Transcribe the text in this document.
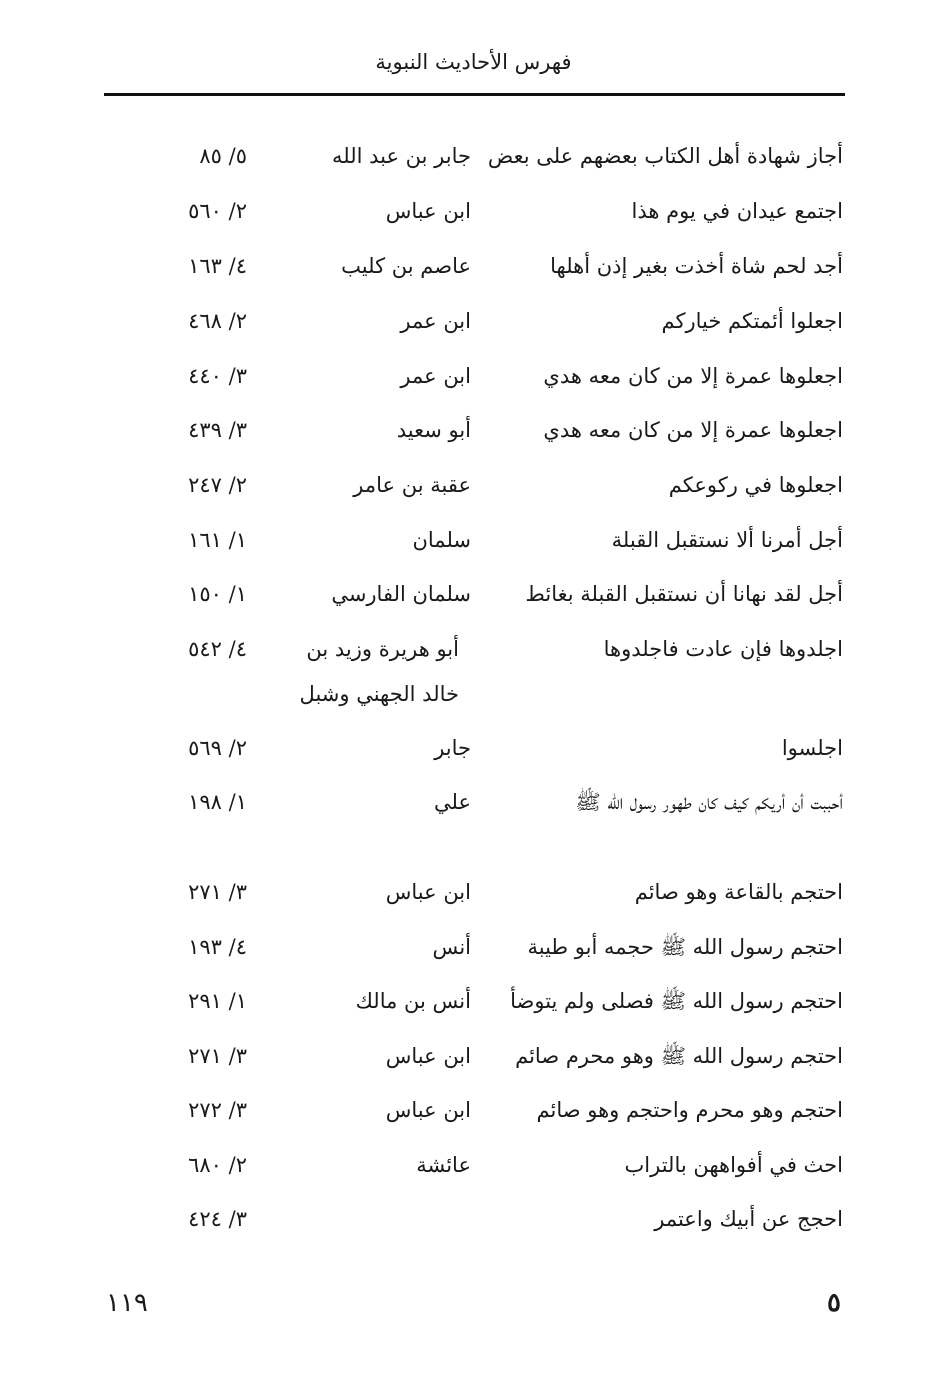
فهرس الأحاديث النبوية
أجاز شهادة أهل الكتاب بعضهم على بعض
جابر بن عبد الله
٥/ ٨٥
اجتمع عيدان في يوم هذا
ابن عباس
٢/ ٥٦٠
أجد لحم شاة أخذت بغير إذن أهلها
عاصم بن كليب
٤/ ١٦٣
اجعلوا أئمتكم خياركم
ابن عمر
٢/ ٤٦٨
اجعلوها عمرة إلا من كان معه هدي
ابن عمر
٣/ ٤٤٠
اجعلوها عمرة إلا من كان معه هدي
أبو سعيد
٣/ ٤٣٩
اجعلوها في ركوعكم
عقبة بن عامر
٢/ ٢٤٧
أجل أمرنا ألا نستقبل القبلة
سلمان
١/ ١٦١
أجل لقد نهانا أن نستقبل القبلة بغائط
سلمان الفارسي
١/ ١٥٠
اجلدوها فإن عادت فاجلدوها
أبو هريرة وزيد بن خالد الجهني وشبل
٤/ ٥٤٢
اجلسوا
جابر
٢/ ٥٦٩
أحببت أن أريكم كيف كان طهور رسول الله ﷺ
علي
١/ ١٩٨
احتجم بالقاعة وهو صائم
ابن عباس
٣/ ٢٧١
احتجم رسول الله ﷺ حجمه أبو طيبة
أنس
٤/ ١٩٣
احتجم رسول الله ﷺ فصلى ولم يتوضأ
أنس بن مالك
١/ ٢٩١
احتجم رسول الله ﷺ وهو محرم صائم
ابن عباس
٣/ ٢٧١
احتجم وهو محرم واحتجم وهو صائم
ابن عباس
٣/ ٢٧٢
احث في أفواههن بالتراب
عائشة
٢/ ٦٨٠
احجج عن أبيك واعتمر
٣/ ٤٢٤
١١٩	٥
